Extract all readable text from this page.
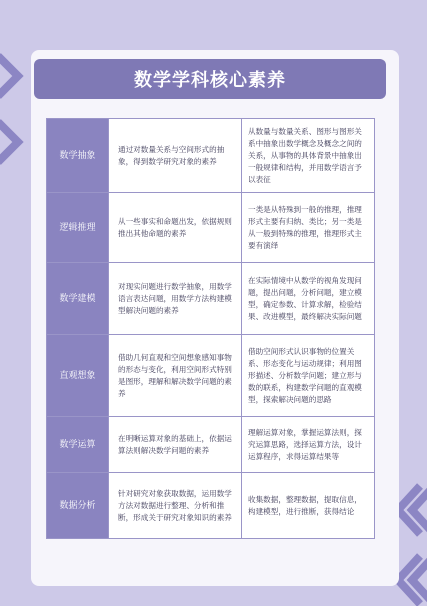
数学学科核心素养
数学抽象	通过对数量关系与空间形式的抽象，得到数学研究对象的素养	从数量与数量关系、图形与图形关系中抽象出数学概念及概念之间的关系，从事物的具体背景中抽象出一般规律和结构，并用数学语言予以表征
逻辑推理	从一些事实和命题出发，依据规则推出其他命题的素养	一类是从特殊到一般的推理，推理形式主要有归纳、类比；另一类是从一般到特殊的推理，推理形式主要有演绎
数学建模	对现实问题进行数学抽象，用数学语言表达问题，用数学方法构建模型解决问题的素养	在实际情境中从数学的视角发现问题，提出问题，分析问题，建立模型，确定参数、计算求解，检验结果、改进模型，最终解决实际问题
直观想象	借助几何直观和空间想象感知事物的形态与变化，利用空间形式特别是图形，理解和解决数学问题的素养	借助空间形式认识事物的位置关系、形态变化与运动规律；利用图形描述、分析数学问题；建立形与数的联系，构建数学问题的直观模型，探索解决问题的思路
数学运算	在明晰运算对象的基础上，依据运算法则解决数学问题的素养	理解运算对象，掌握运算法则，探究运算思路，选择运算方法，设计运算程序，求得运算结果等
数据分析	针对研究对象获取数据，运用数学方法对数据进行整理、分析和推断，形成关于研究对象知识的素养	收集数据，整理数据，提取信息，构建模型，进行推断，获得结论
